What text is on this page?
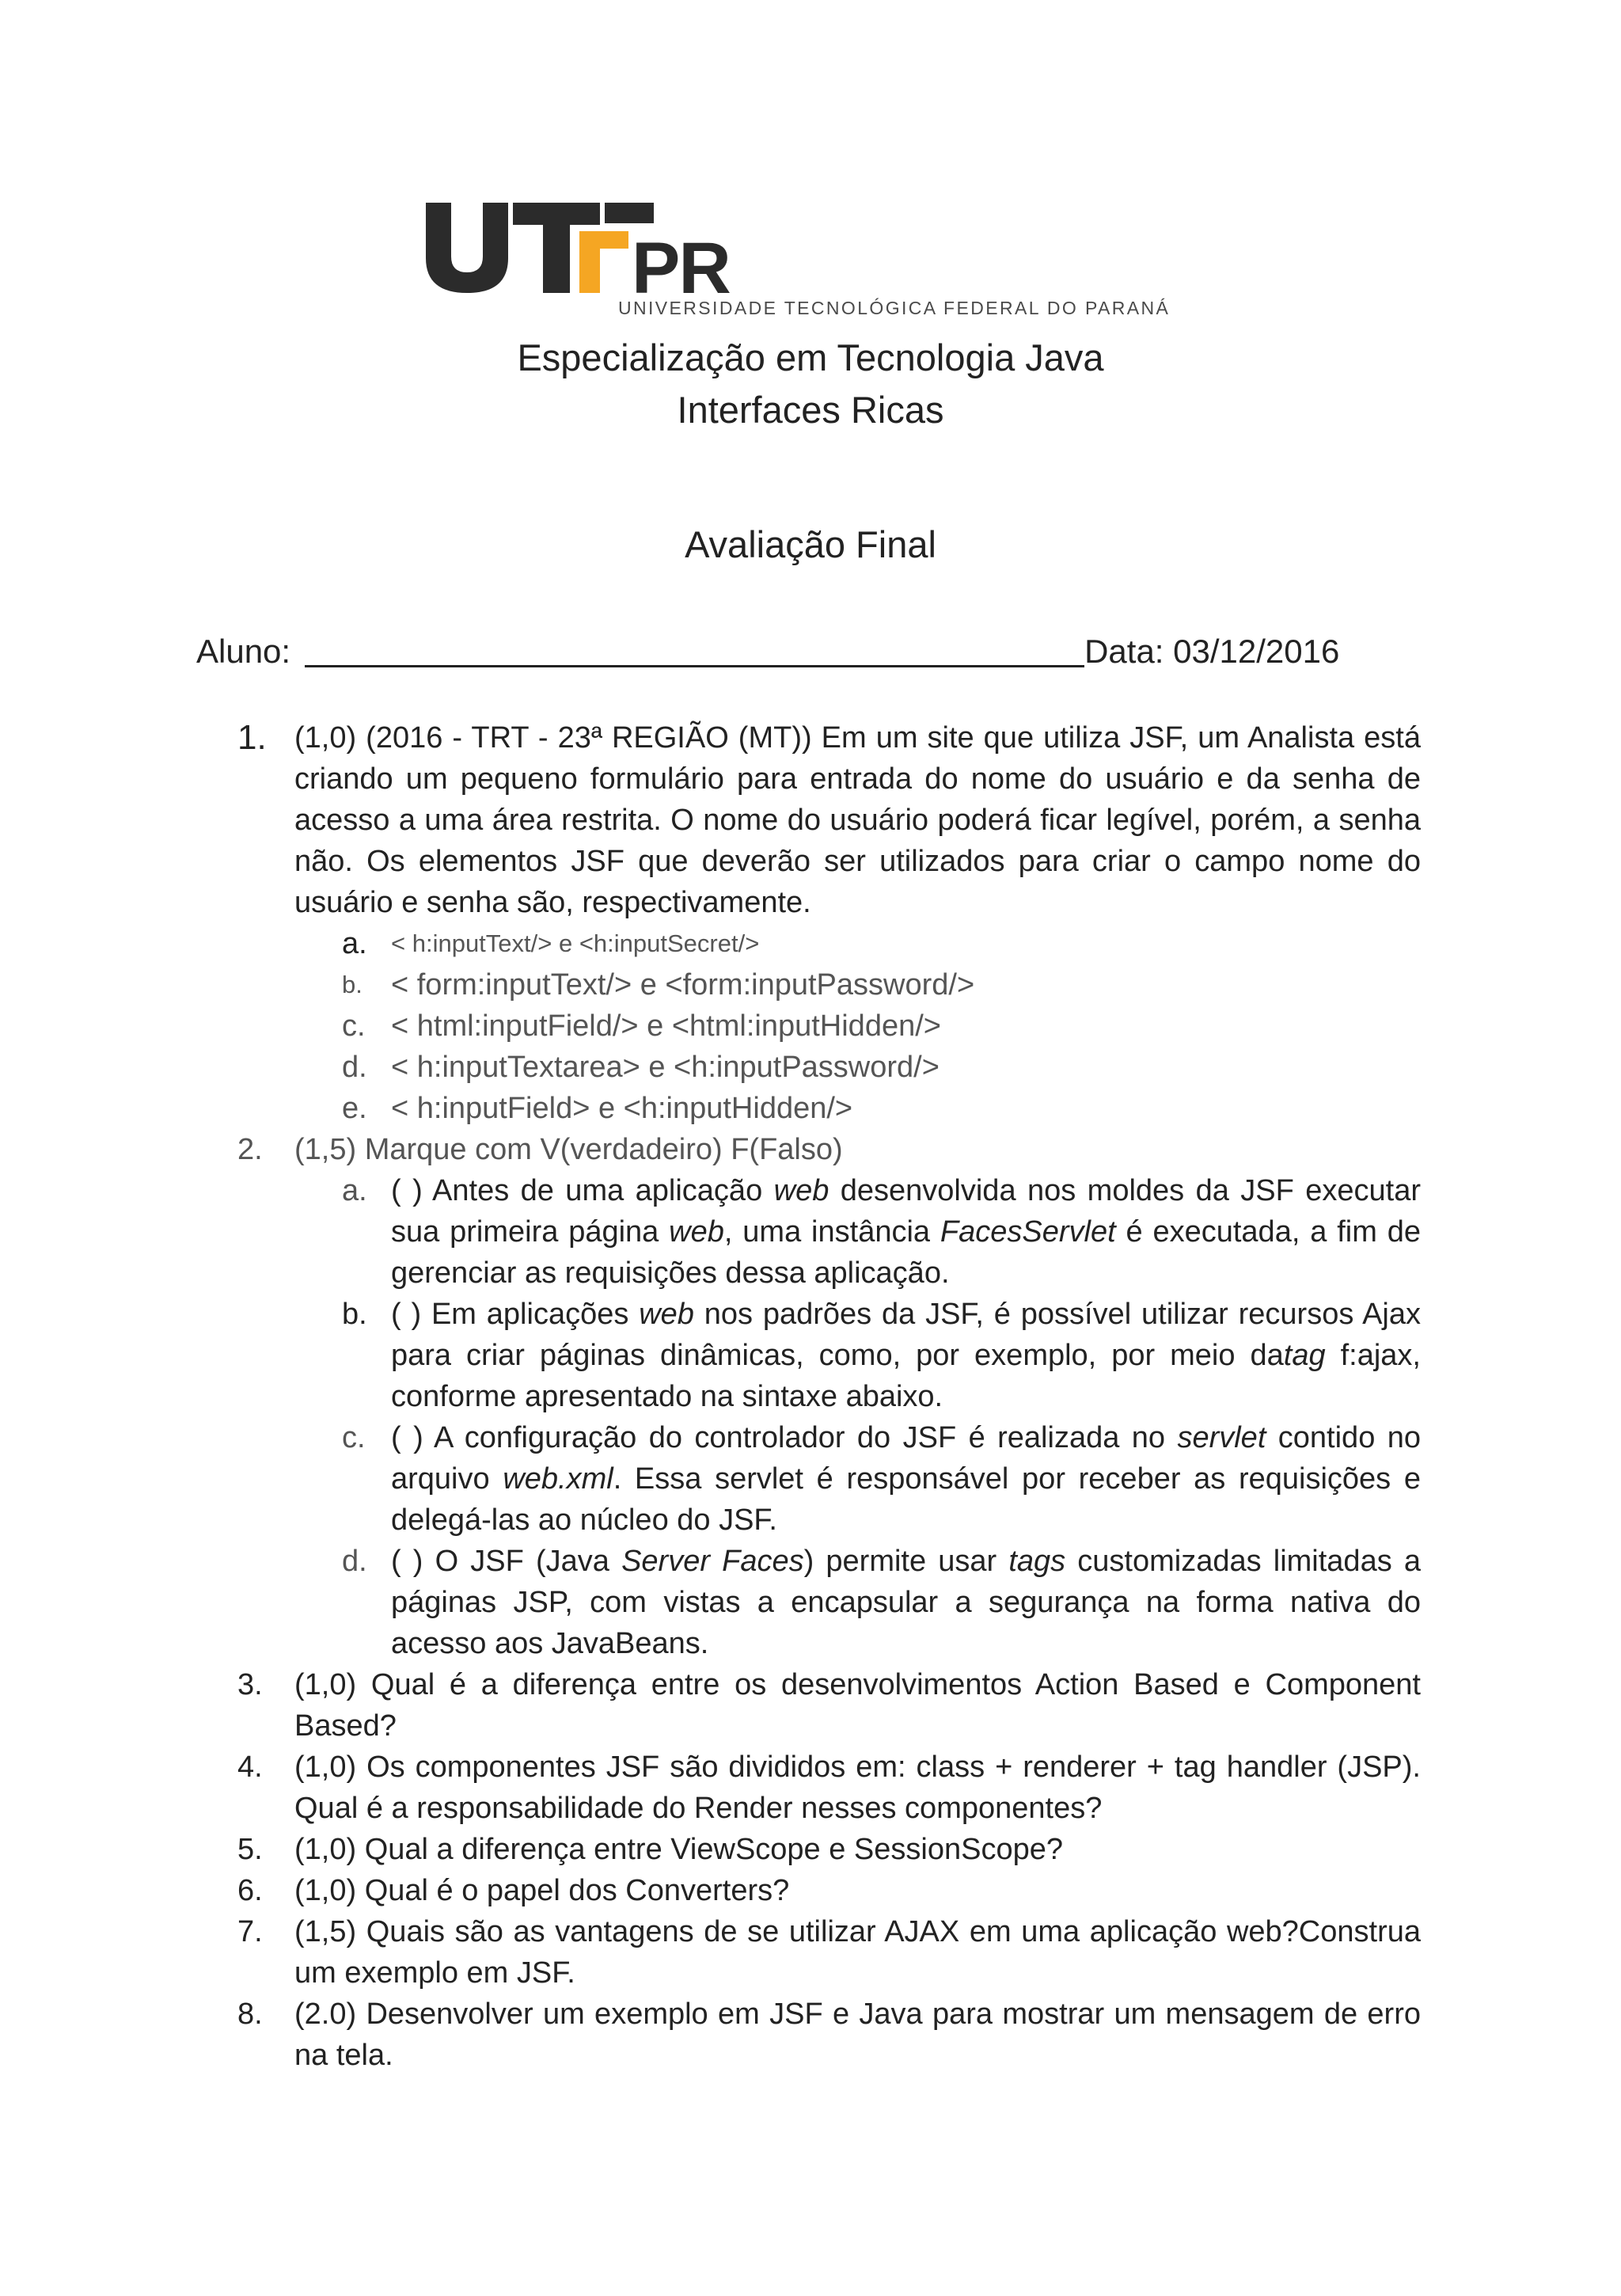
PR
UNIVERSIDADE TECNOLÓGICA FEDERAL DO PARANÁ
Especialização em Tecnologia Java
Interfaces Ricas
Avaliação Final
Aluno:	Data: 03/12/2016
1. (1,0) (2016 - TRT - 23ª REGIÃO (MT)) Em um site que utiliza JSF, um Analista está criando um pequeno formulário para entrada do nome do usuário e da senha de acesso a uma área restrita. O nome do usuário poderá ficar legível, porém, a senha não. Os elementos JSF que deverão ser utilizados para criar o campo nome do usuário e senha são, respectivamente.
a. < h:inputText/> e <h:inputSecret/>
b. < form:inputText/> e <form:inputPassword/>
c. < html:inputField/> e <html:inputHidden/>
d. < h:inputTextarea> e <h:inputPassword/>
e. < h:inputField> e <h:inputHidden/>
2.	(1,5) Marque com V(verdadeiro) F(Falso)
a. ( ) Antes de uma aplicação web desenvolvida nos moldes da JSF executar sua primeira página web, uma instância FacesServlet é executada, a fim de gerenciar as requisições dessa aplicação.
b. ( ) Em aplicações web nos padrões da JSF, é possível utilizar recursos Ajax para criar páginas dinâmicas, como, por exemplo, por meio datag f:ajax, conforme apresentado na sintaxe abaixo.
c. ( ) A configuração do controlador do JSF é realizada no servlet contido no arquivo web.xml. Essa servlet é responsável por receber as requisições e delegá-las ao núcleo do JSF.
d. ( ) O JSF (Java Server Faces) permite usar tags customizadas limitadas a páginas JSP, com vistas a encapsular a segurança na forma nativa do acesso aos JavaBeans.
3.	(1,0) Qual é a diferença entre os desenvolvimentos Action Based e Component Based?
4.	(1,0) Os componentes JSF são divididos em: class + renderer + tag handler (JSP). Qual é a responsabilidade do Render nesses componentes?
5.	(1,0) Qual a diferença entre ViewScope e SessionScope?
6.	(1,0) Qual é o papel dos Converters?
7.	(1,5) Quais são as vantagens de se utilizar AJAX em uma aplicação web?Construa um exemplo em JSF.
8.	(2.0) Desenvolver um exemplo em JSF e Java para mostrar um mensagem de erro na tela.
